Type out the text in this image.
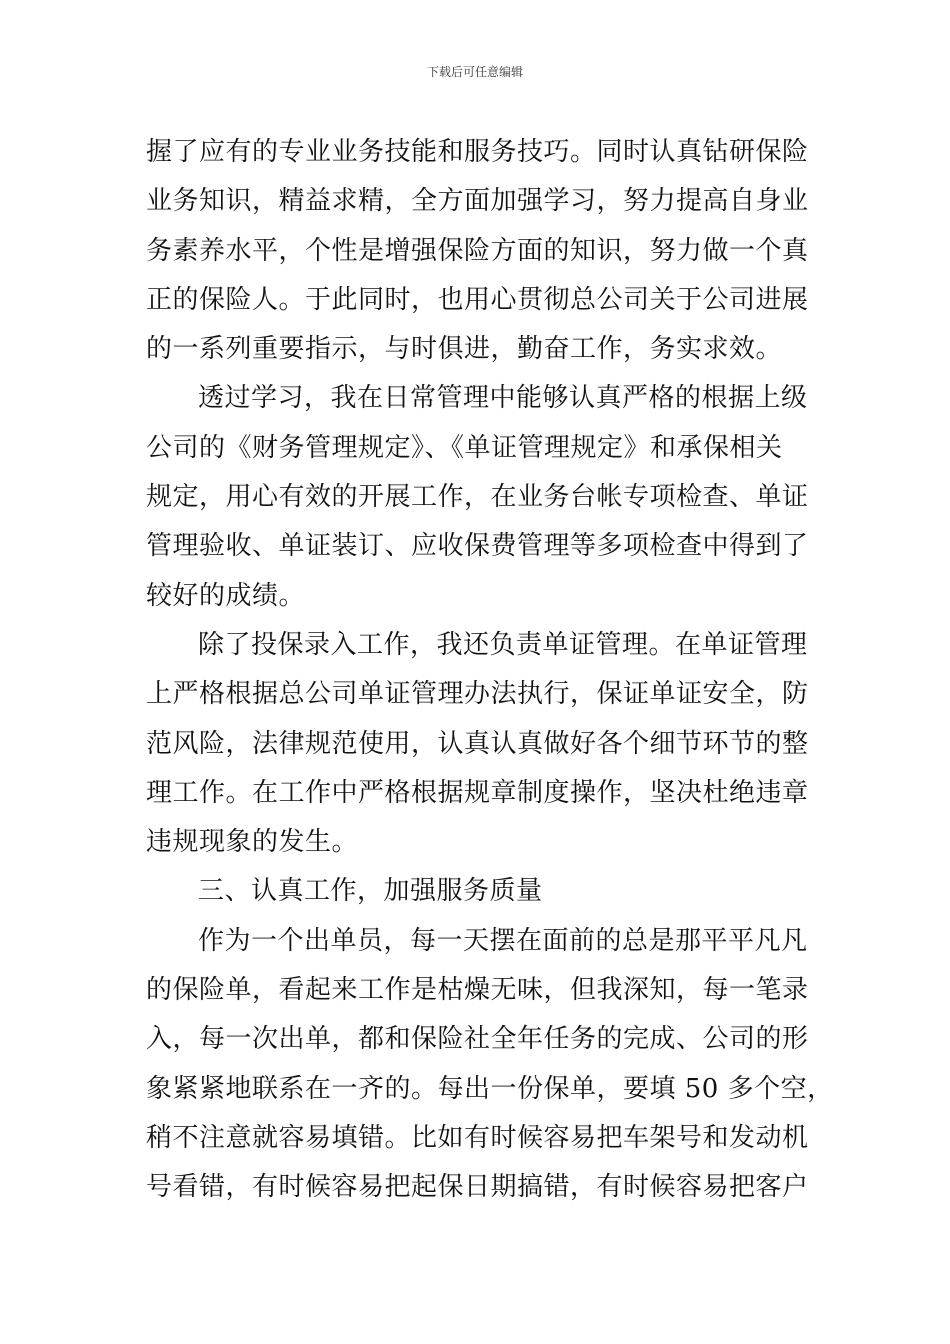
下载后可任意编辑
握了应有的专业业务技能和服务技巧。同时认真钻研保险
业务知识，精益求精，全方面加强学习，努力提高自身业
务素养水平，个性是增强保险方面的知识，努力做一个真
正的保险人。于此同时，也用心贯彻总公司关于公司进展
的一系列重要指示，与时俱进，勤奋工作，务实求效。
透过学习，我在日常管理中能够认真严格的根据上级
公司的《财务管理规定》、《单证管理规定》和承保相关
规定，用心有效的开展工作，在业务台帐专项检查、单证
管理验收、单证装订、应收保费管理等多项检查中得到了
较好的成绩。
除了投保录入工作，我还负责单证管理。在单证管理
上严格根据总公司单证管理办法执行，保证单证安全，防
范风险，法律规范使用，认真认真做好各个细节环节的整
理工作。在工作中严格根据规章制度操作，坚决杜绝违章
违规现象的发生。
三、认真工作，加强服务质量
作为一个出单员，每一天摆在面前的总是那平平凡凡
的保险单，看起来工作是枯燥无味，但我深知，每一笔录
入，每一次出单，都和保险社全年任务的完成、公司的形
象紧紧地联系在一齐的。每出一份保单，要填 50 多个空，
稍不注意就容易填错。比如有时候容易把车架号和发动机
号看错，有时候容易把起保日期搞错，有时候容易把客户
